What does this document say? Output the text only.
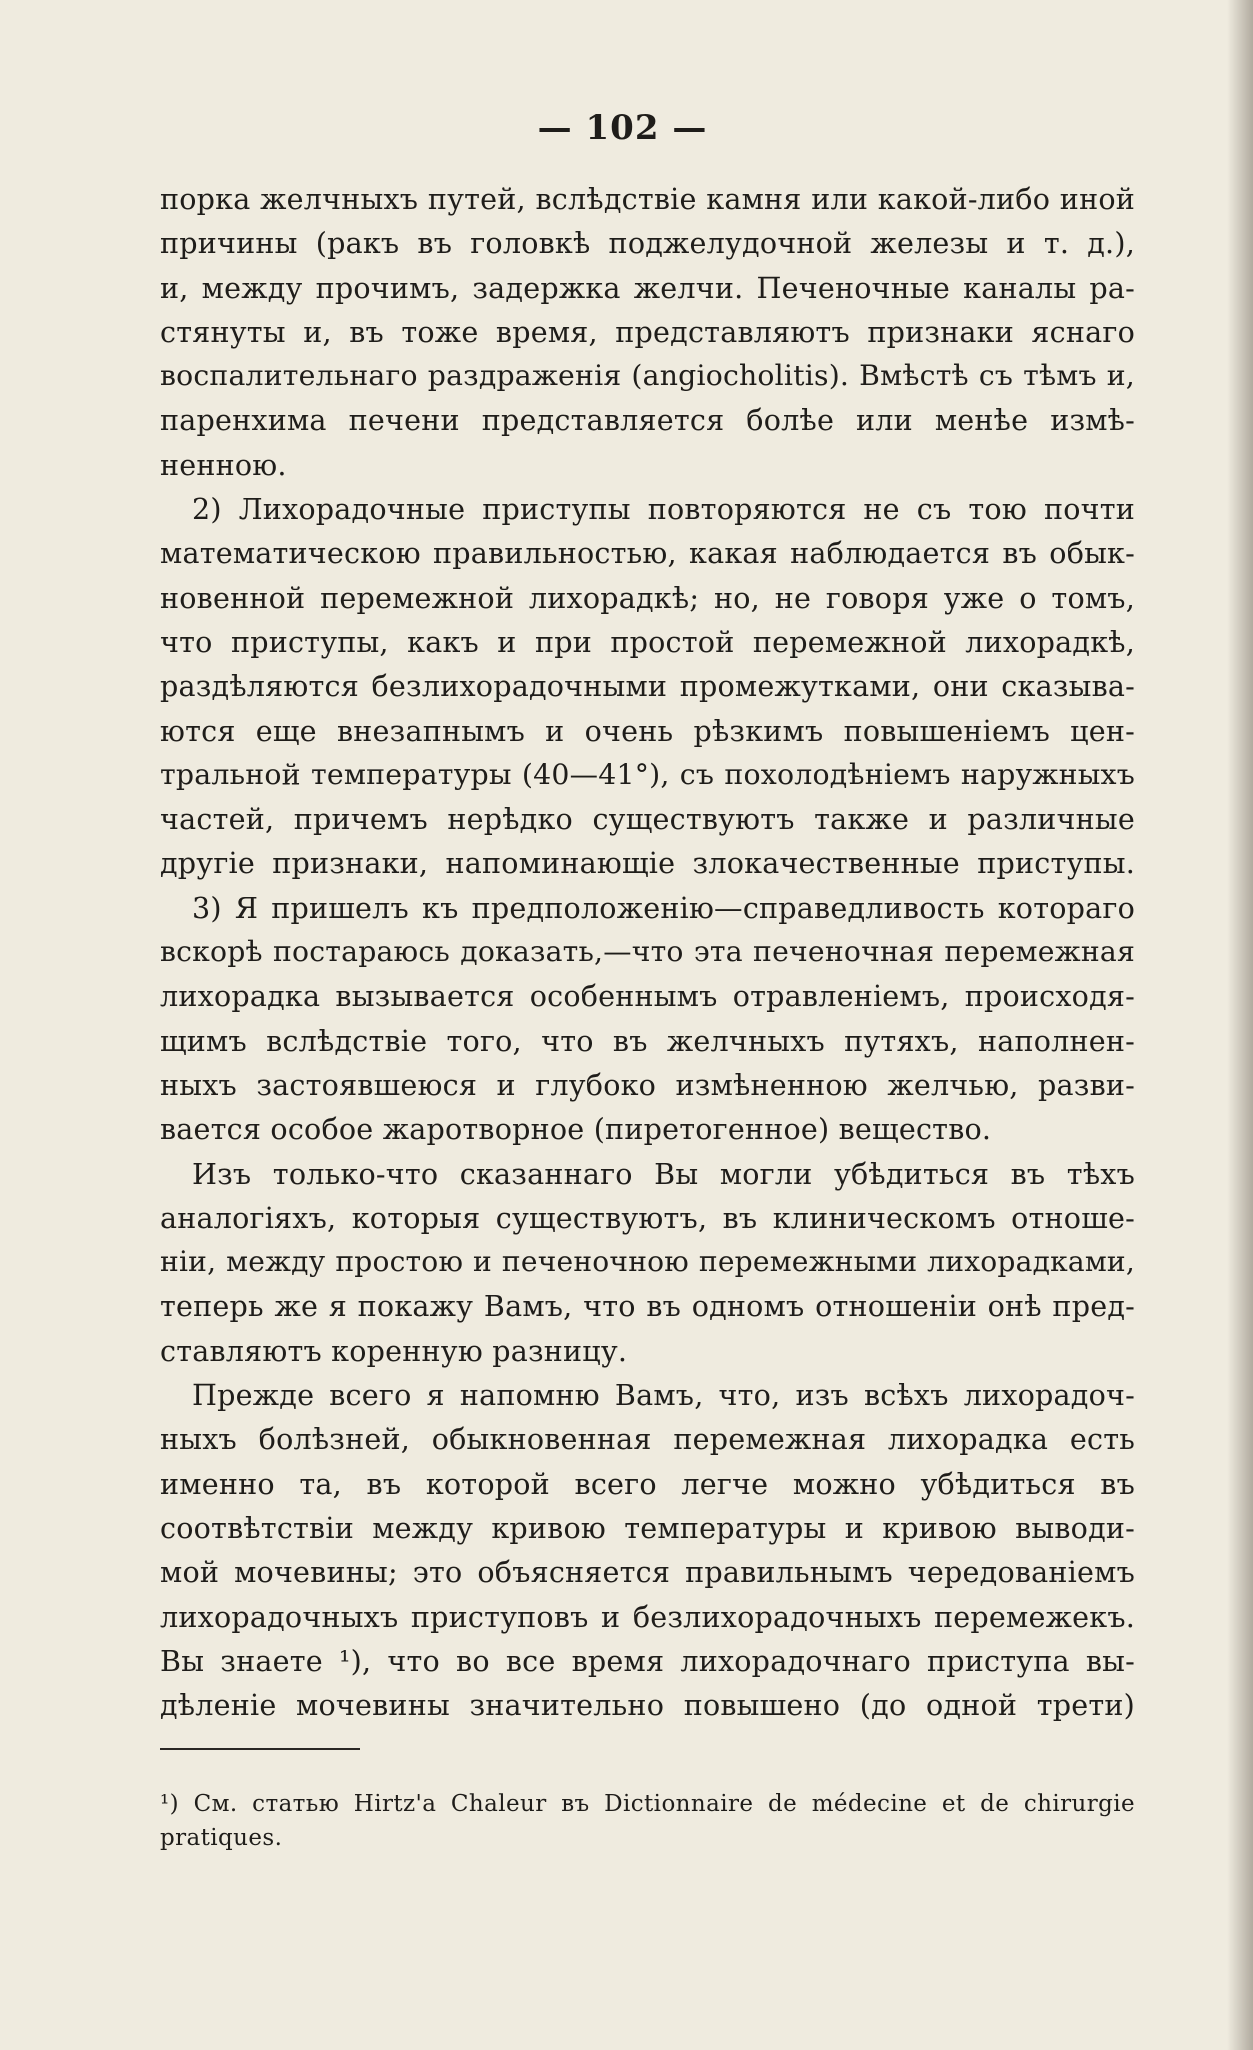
— 102 —
порка желчныхъ путей, вслѣдствіе камня или какой-либо иной
причины (ракъ въ головкѣ поджелудочной железы и т. д.),
и, между прочимъ, задержка желчи. Печеночные каналы ра-
стянуты и, въ тоже время, представляютъ признаки яснаго
воспалительнаго раздраженія (angiocholitis). Вмѣстѣ съ тѣмъ и,
паренхима печени представляется болѣе или менѣе измѣ-
ненною.
2) Лихорадочные приступы повторяются не съ тою почти
математическою правильностью, какая наблюдается въ обык-
новенной перемежной лихорадкѣ; но, не говоря уже о томъ,
что приступы, какъ и при простой перемежной лихорадкѣ,
раздѣляются безлихорадочными промежутками, они сказыва-
ются еще внезапнымъ и очень рѣзкимъ повышеніемъ цен-
тральной температуры (40—41°), съ похолодѣніемъ наружныхъ
частей, причемъ нерѣдко существуютъ также и различные
другіе признаки, напоминающіе злокачественные приступы.
3) Я пришелъ къ предположенію—справедливость котораго
вскорѣ постараюсь доказать,—что эта печеночная перемежная
лихорадка вызывается особеннымъ отравленіемъ, происходя-
щимъ вслѣдствіе того, что въ желчныхъ путяхъ, наполнен-
ныхъ застоявшеюся и глубоко измѣненною желчью, разви-
вается особое жаротворное (пиретогенное) вещество.
Изъ только-что сказаннаго Вы могли убѣдиться въ тѣхъ
аналогіяхъ, которыя существуютъ, въ клиническомъ отноше-
ніи, между простою и печеночною перемежными лихорадками,
теперь же я покажу Вамъ, что въ одномъ отношеніи онѣ пред-
ставляютъ коренную разницу.
Прежде всего я напомню Вамъ, что, изъ всѣхъ лихорадоч-
ныхъ болѣзней, обыкновенная перемежная лихорадка есть
именно та, въ которой всего легче можно убѣдиться въ
соотвѣтствіи между кривою температуры и кривою выводи-
мой мочевины; это объясняется правильнымъ чередованіемъ
лихорадочныхъ приступовъ и безлихорадочныхъ перемежекъ.
Вы знаете ¹), что во все время лихорадочнаго приступа вы-
дѣленіе мочевины значительно повышено (до одной трети)
¹) См. статью Hirtz'a Chaleur въ Dictionnaire de médecine et de chirurgie
pratiques.
